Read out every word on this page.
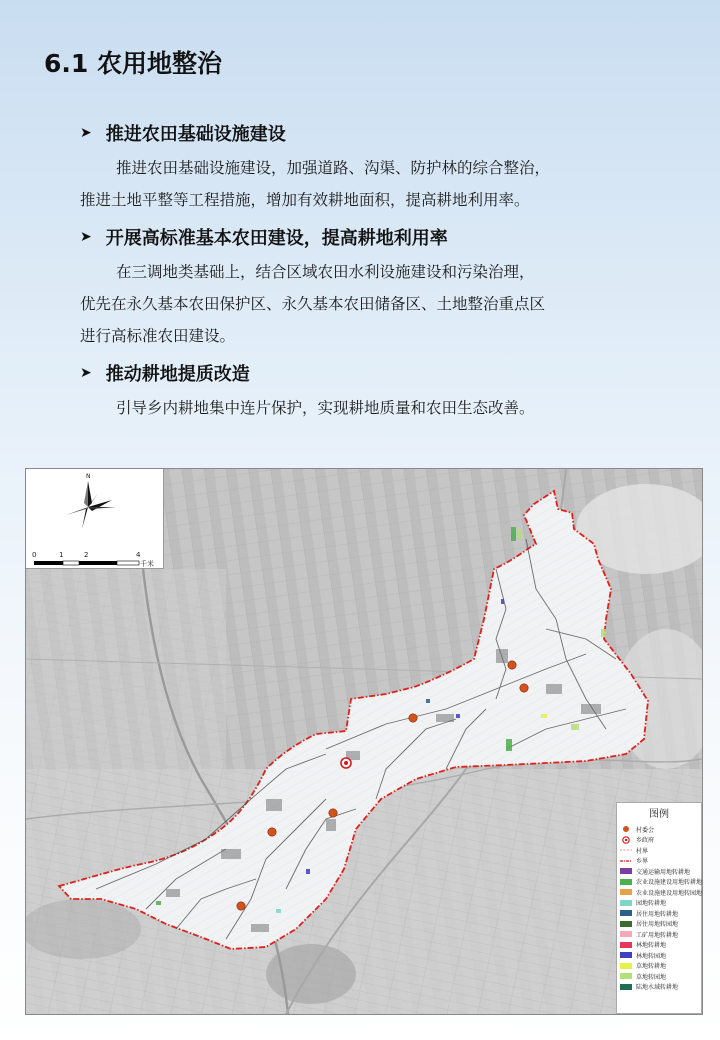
6.1 农用地整治
➤ 推进农田基础设施建设

推进农田基础设施建设，加强道路、沟渠、防护林的综合整治，

推进土地平整等工程措施，增加有效耕地面积，提高耕地利用率。

➤ 开展高标准基本农田建设，提高耕地利用率

在三调地类基础上，结合区域农田水利设施建设和污染治理，

优先在永久基本农田保护区、永久基本农田储备区、土地整治重点区

进行高标准农田建设。

➤ 推动耕地提质改造

引导乡内耕地集中连片保护，实现耕地质量和农田生态改善。

N
0	1	2	4
千米
图例
村委会
乡政府
村界
乡界
交通运输用地转耕地
农业设施建设用地转耕地
农业设施建设用地转园地
园地转耕地
居住用地转耕地
居住用地转园地
工矿用地转耕地
林地转耕地
林地转园地
草地转耕地
草地转园地
陆地水域转耕地
